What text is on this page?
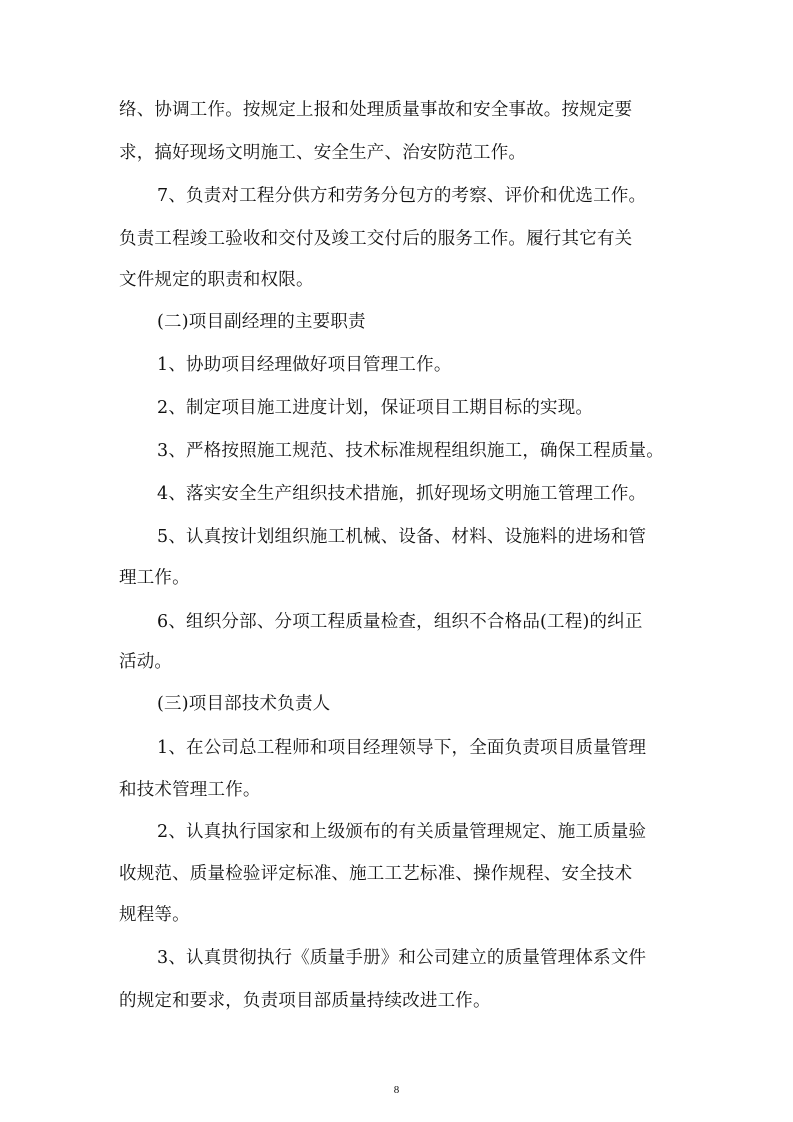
络、协调工作。按规定上报和处理质量事故和安全事故。按规定要
求，搞好现场文明施工、安全生产、治安防范工作。
7、负责对工程分供方和劳务分包方的考察、评价和优选工作。
负责工程竣工验收和交付及竣工交付后的服务工作。履行其它有关
文件规定的职责和权限。
(二)项目副经理的主要职责
1、协助项目经理做好项目管理工作。
2、制定项目施工进度计划，保证项目工期目标的实现。
3、严格按照施工规范、技术标准规程组织施工，确保工程质量。
4、落实安全生产组织技术措施，抓好现场文明施工管理工作。
5、认真按计划组织施工机械、设备、材料、设施料的进场和管
理工作。
6、组织分部、分项工程质量检查，组织不合格品(工程)的纠正
活动。
(三)项目部技术负责人
1、在公司总工程师和项目经理领导下，全面负责项目质量管理
和技术管理工作。
2、认真执行国家和上级颁布的有关质量管理规定、施工质量验
收规范、质量检验评定标准、施工工艺标准、操作规程、安全技术
规程等。
3、认真贯彻执行《质量手册》和公司建立的质量管理体系文件
的规定和要求，负责项目部质量持续改进工作。
8
